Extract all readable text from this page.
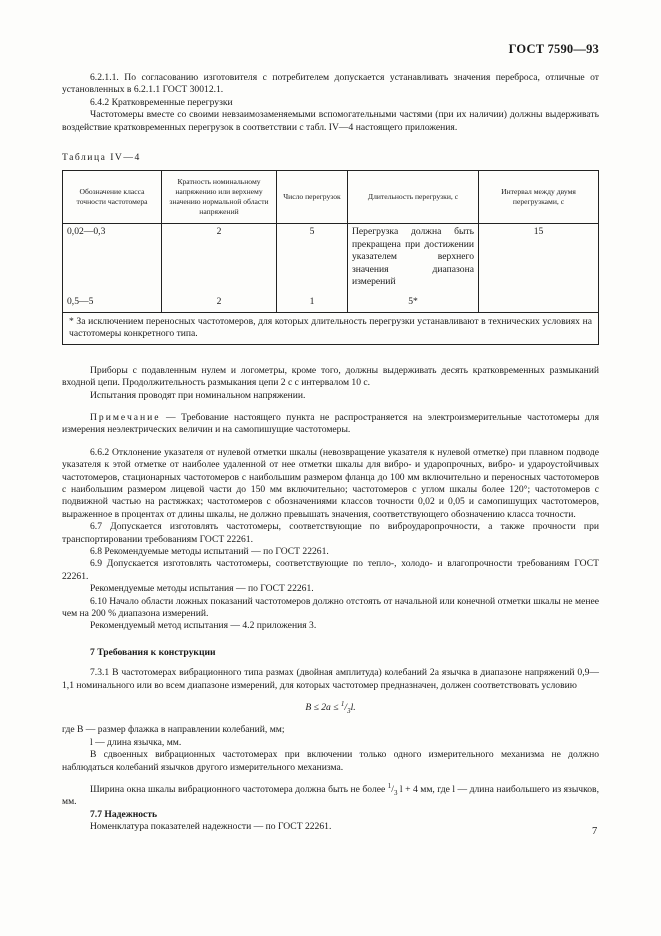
ГОСТ 7590—93

6.2.1.1. По согласованию изготовителя с потребителем допускается устанавливать значения переброса, отличные от установленных в 6.2.1.1 ГОСТ 30012.1.

6.4.2 Кратковременные перегрузки

Частотомеры вместе со своими невзаимозаменяемыми вспомогательными частями (при их наличии) должны выдерживать воздействие кратковременных перегрузок в соответствии с табл. IV—4 настоящего приложения.

Таблица IV—4

Обозначение класса точности частотомера	Кратность номинальному напряжению или верхнему значению нормальной области напряжений	Число перегрузок	Длительность перегрузки, с	Интервал между двумя перегрузками, с
0,02—0,3	2	5	Перегрузка должна быть прекращена при достижении указателем верхнего значения диапазона измерений	15
0,5—5	2	1	5*	
* За исключением переносных частотомеров, для которых длительность перегрузки устанавливают в технических условиях на частотомеры конкретного типа.				

Приборы с подавленным нулем и логометры, кроме того, должны выдерживать десять кратковременных размыканий входной цепи. Продолжительность размыкания цепи 2 с с интервалом 10 с.

Испытания проводят при номинальном напряжении.

Примечание — Требование настоящего пункта не распространяется на электроизмерительные частотомеры для измерения неэлектрических величин и на самопишущие частотомеры.

6.6.2 Отклонение указателя от нулевой отметки шкалы (невозвращение указателя к нулевой отметке) при плавном подводе указателя к этой отметке от наиболее удаленной от нее отметки шкалы для вибро- и ударопрочных, вибро- и удароустойчивых частотомеров, стационарных частотомеров с наибольшим размером фланца до 100 мм включительно и переносных частотомеров с наибольшим размером лицевой части до 150 мм включительно; частотомеров с углом шкалы более 120°; частотомеров с подвижной частью на растяжках; частотомеров с обозначениями классов точности 0,02 и 0,05 и самопишущих частотомеров, выраженное в процентах от длины шкалы, не должно превышать значения, соответствующего обозначению класса точности.

6.7 Допускается изготовлять частотомеры, соответствующие по виброударопрочности, а также прочности при транспортировании требованиям ГОСТ 22261.

6.8 Рекомендуемые методы испытаний — по ГОСТ 22261.

6.9 Допускается изготовлять частотомеры, соответствующие по тепло-, холодо- и влагопрочности требованиям ГОСТ 22261.

Рекомендуемые методы испытания — по ГОСТ 22261.

6.10 Начало области ложных показаний частотомеров должно отстоять от начальной или конечной отметки шкалы не менее чем на 200 % диапазона измерений.

Рекомендуемый метод испытания — 4.2 приложения 3.

7 Требования к конструкции

7.3.1 В частотомерах вибрационного типа размах (двойная амплитуда) колебаний 2a язычка в диапазоне напряжений 0,9—1,1 номинального или во всем диапазоне измерений, для которых частотомер предназначен, должен соответствовать условию

$B \le 2a \le ^1/_3l$.

где B — размер флажка в направлении колебаний, мм;

l — длина язычка, мм.

В сдвоенных вибрационных частотомерах при включении только одного измерительного механизма не должно наблюдаться колебаний язычков другого измерительного механизма.

Ширина окна шкалы вибрационного частотомера должна быть не более $^1/_3$ l + 4 мм, где l — длина наибольшего из язычков, мм.

7.7 Надежность

Номенклатура показателей надежности — по ГОСТ 22261.	7
